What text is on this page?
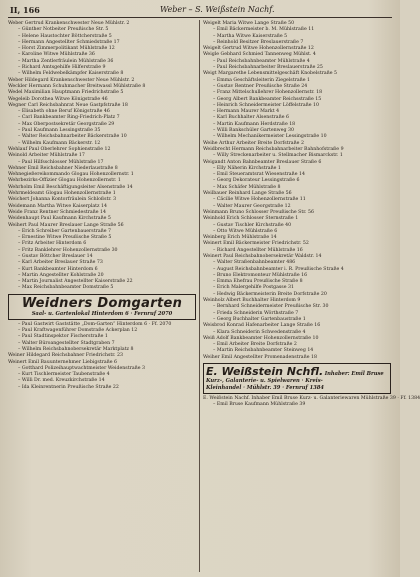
II, 166	Weber – S. Weißstein Nachf.
Weber Gertrud Krankenschwester Neue Mühlstr. 2
– Günther Notbeiter Preußische Str. 5
– Helene Haustochter Böttcherstraße 5
– Hermann Angestellter Schmiedstraße 17
– Horst Zimmerpolitikant Mühlstraße 12
– Karoline Witwe Mühlstraße 36
– Martha Zentlerfräulein Mühlstraße 36
– Richard Amtsgehilfe Hilferstraße 9
– Wilhelm Feldwebelkämpfer Kaiserstraße 8
Weber Hildegard Krankenschwester Neue Mühlstr. 2
Weckler Hermann Schuhmacher Breitwassl Mühlstraße 8
Wedel Maximilian Hauptmann Friedrichstraße 5
Wegeleib Dorothea Witwe Königstraße 46
Wegner Carl Reichsbahnrat Neue Gastpfstraße 18
– Elisabeth ohne Beruf Königstraße 46
– Carl Bankbeamter Ring-Friedrich-Platz 7
– Max Oberpostsekretär Georgstraße 29
– Paul Kaufmann Lessingstraße 35
– Walter Reichsbahnarbeiter Bäckerstraße 10
– Wilhelm Kaufmann Bäckerstr. 12
Wehlauf Paul Oberlehrer Sophienstraße 12
Weinold Arbeiter Mühlstraße 17
– Paul Hilfsschlosser Mühlstraße 17
Wehner Emil Reichsbahner Niederlaustraße 8
Wehnegießereikommando Glogau Hohenzollernstr. 1
Wehrbezirks-Offizier Glogau Hohenzollernstr. 1
Wehrholm Emil Beschäftigungsleiter Alsenstraße 14
Wehrmeldeamt Glogau Hohenzollernstraße 1
Weichert Johanna Kontorfräulein Schloßstr. 3
Weidemann Martha Witwe Kaiserplatz 14
Weide Franz Rentner Schmiedestraße 14
Weidenhaupt Paul Kaufmann Kirchstraße 5
Weihert Paul Maurer Breslauer Lange Straße 56
– Erich Schreiber Gartenbauerstraße 7
– Ernestine Witwe Preußische Straße 5
– Fritz Arbeiter Hinterdom 6
– Fritz Banklehrer Hohenzollernstraße 30
– Gustav Böttcher Breslauer 14
– Karl Arbeiter Breslauer Straße 73
– Kurt Bankbeamter Hinterdom 6
– Martin Angestellter Kohlstraße 20
– Martin Journalist Angestellter Kaiserstraße 22
– Max Reichsbahnbeamter Domstraße 5
Weidners Domgarten
Saal- u. Gartenlokal Hinterdom 6 · Fernruf 2070
– Paul Gastwirt Gaststätte „Dom-Garten“ Hinterdom 6 · Ff. 2070
– Paul Kraftwagenführer Domstraße Ackerplan 12
– Paul Stadtinspektor Fischerstraße 1
– Walter Büroangestellter Stadtgraben 7
– Wilhelm Reichsbahnobersekretär Marktplatz 8
Weiner Hildegard Reichsbahner Friedrichstr. 23
Weinert Emil Bauunternehmer Liebigstraße 6
– Gotthard Polizeihauptwachtmeister Weidenstraße 3
– Kurt Tischlermeister Taubenstraße 4
– Willi Dr. med. Kreuzkirchstraße 14
– Ida Kleinrentnerin Preußische Straße 22
Weigelt Maria Witwe Lange Straße 50
– Emil Bäckermeister b. M. Mühlstraße 11
– Martha Witwe Kaiserstraße 5
– Reinhold Besitzer Breslauerstraße 7
Weigelt Gertrud Witwe Hohenzollernstraße 12
Weigle Gebhard Schmied Tannenweg Mühlst. 4
– Paul Reichsbahnbeamter Mühlstraße 4
– Paul Reichsbahnarbeiter Breslauerstraße 25
Weigt Margarethe Lebensmittelgeschäft Knobelstraße 5
– Emma Geschäftsleiterin Ziegelstraße 1
– Gustav Rentner Preußische Straße 24
– Franz Mittelschullehrer Hohenzollernstr. 18
– Georg Albert Bankbeamter Reichsstraße 15
– Heinrich Schneidermeister Löffelstraße 10
– Hermann Maurer Markt 4
– Karl Buchhalter Alsenstraße 6
– Martin Kaufmann Herdstraße 18
– Willi Bankschüler Gartenweg 30
– Wilhelm Mechanikermeister Lessingstraße 10
Weihe Arthur Arbeiter Breite Dorfstraße 2
Weidbrecht Hermann Reichsbahnarbeiter Bahnhofstraße 9
– Willy Streckenarbeiter u. Stellmacher Bismarckstr. 1
Weigandt Anton Bahnbeamter Breslauer Straße 6
– Elly Näherin Kirchstraße 1
– Emil Steueramtsrat Wiesenstraße 14
– Georg Dekorateur Lessingstraße 6
– Max Schäfer Mühlstraße 8
Weilbauer Reinhard Lange Straße 56
– Cäcilie Witwe Hohenzollernstraße 11
– Walter Maurer Georgstraße 12
Weinmann Bruno Schlosser Preußische Str. 56
Weinhold Erich Schlosser Sternstraße 1
– Gustav Tischler Kirchstraße 40
– Otto Witwe Mühlstraße 6
Weinberg Erich Mühlstraße 14
Weinert Emil Bäckermeister Friedrichstr. 52
– Richard Angestellter Mühlstraße 16
Weinert Paul Reichsbahnobersekretär Waldstr. 14
– Walter Straßenbahnbeamter 486
– August Reichsbahnbeamter i. R. Preußische Straße 4
– Bruno Elektromonteur Mühlstraße 16
– Emma Ehefrau Preußische Straße 8
– Erich Malergehilfe Postgasse 31
– Hedwig Bäckermeisterin Breite Dorfstraße 20
Weinholz Albert Buchhalter Hinterdom 9
– Bernhard Schneidermeister Preußische Str. 30
– Frieda Schneiderin Wörthstraße 7
– Georg Buchhalter Gartenbaustraße 1
Weisbrod Konrad Hafenarbeiter Lange Straße 16
– Klara Schneiderin Schwedenstraße 4
Weiß Adolf Bankbeamter Hohenzollernstraße 10
– Emil Arbeiter Breite Dorfstraße 2
– Martin Reichsbahnbeamter Steinweg 14
Weiher Emil Angestellter Promenadenstraße 18
E. Weißstein Nchfl. Inhaber: Emil Bruse
Kurz-, Galanterie- u. Spielwaren · Kreis-
Kleinhandel · Mühlstr. 39 · Fernruf 1384
E. Weißstein Nachf. Inhaber Emil Bruse Kurz- u. Galanteriewaren Mühlstraße 39 · Ff. 1384
– Emil Bruse Kaufmann Mühlstraße 39
